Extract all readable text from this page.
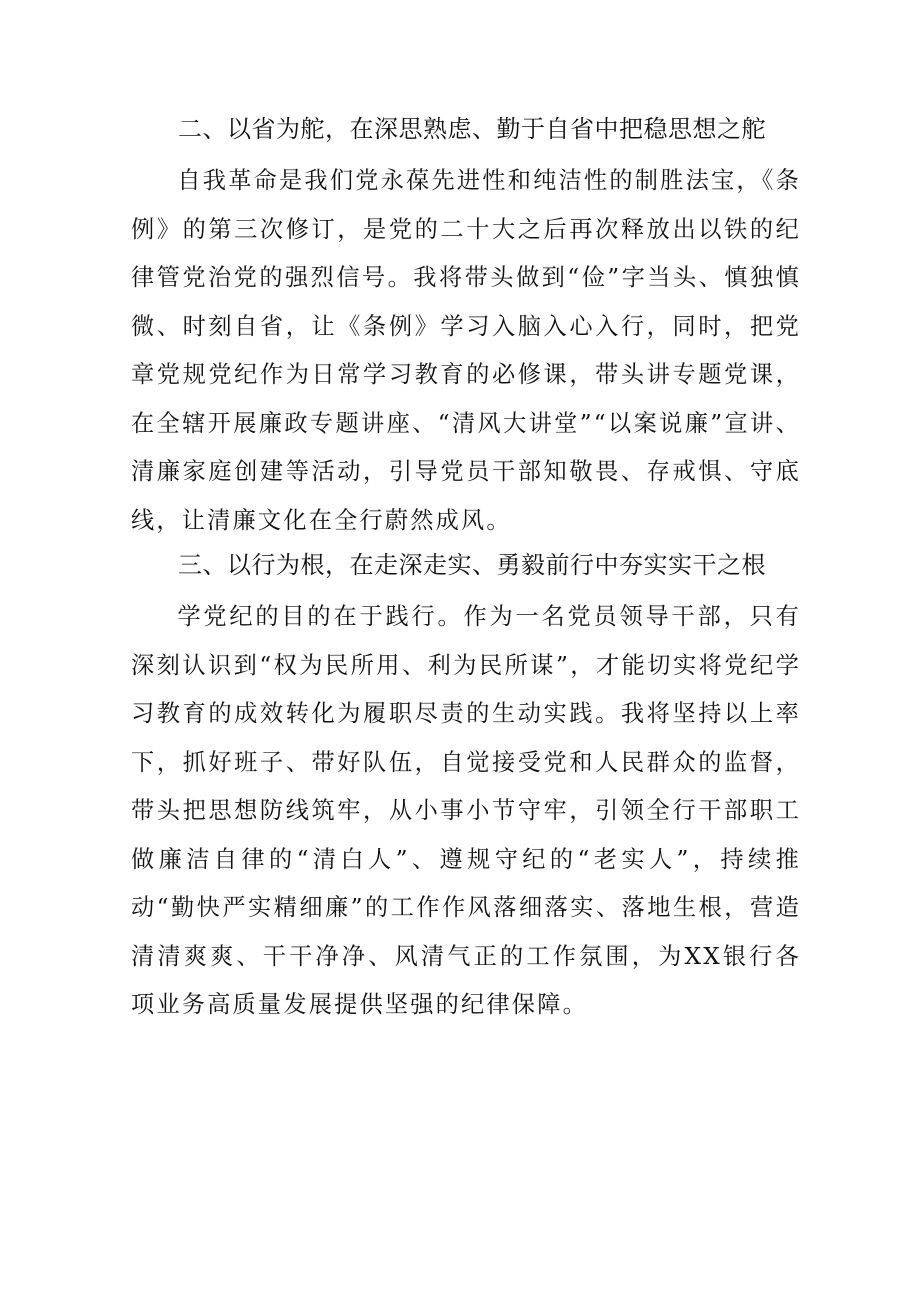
二、以省为舵，在深思熟虑、勤于自省中把稳思想之舵

自我革命是我们党永葆先进性和纯洁性的制胜法宝，《条例》的第三次修订，是党的二十大之后再次释放出以铁的纪律管党治党的强烈信号。我将带头做到“俭”字当头、慎独慎微、时刻自省，让《条例》学习入脑入心入行，同时，把党章党规党纪作为日常学习教育的必修课，带头讲专题党课，在全辖开展廉政专题讲座、“清风大讲堂”“以案说廉”宣讲、清廉家庭创建等活动，引导党员干部知敬畏、存戒惧、守底线，让清廉文化在全行蔚然成风。

三、以行为根，在走深走实、勇毅前行中夯实实干之根

学党纪的目的在于践行。作为一名党员领导干部，只有深刻认识到“权为民所用、利为民所谋”，才能切实将党纪学习教育的成效转化为履职尽责的生动实践。我将坚持以上率下，抓好班子、带好队伍，自觉接受党和人民群众的监督，带头把思想防线筑牢，从小事小节守牢，引领全行干部职工做廉洁自律的“清白人”、遵规守纪的“老实人”，持续推动“勤快严实精细廉”的工作作风落细落实、落地生根，营造清清爽爽、干干净净、风清气正的工作氛围，为XX银行各项业务高质量发展提供坚强的纪律保障。
